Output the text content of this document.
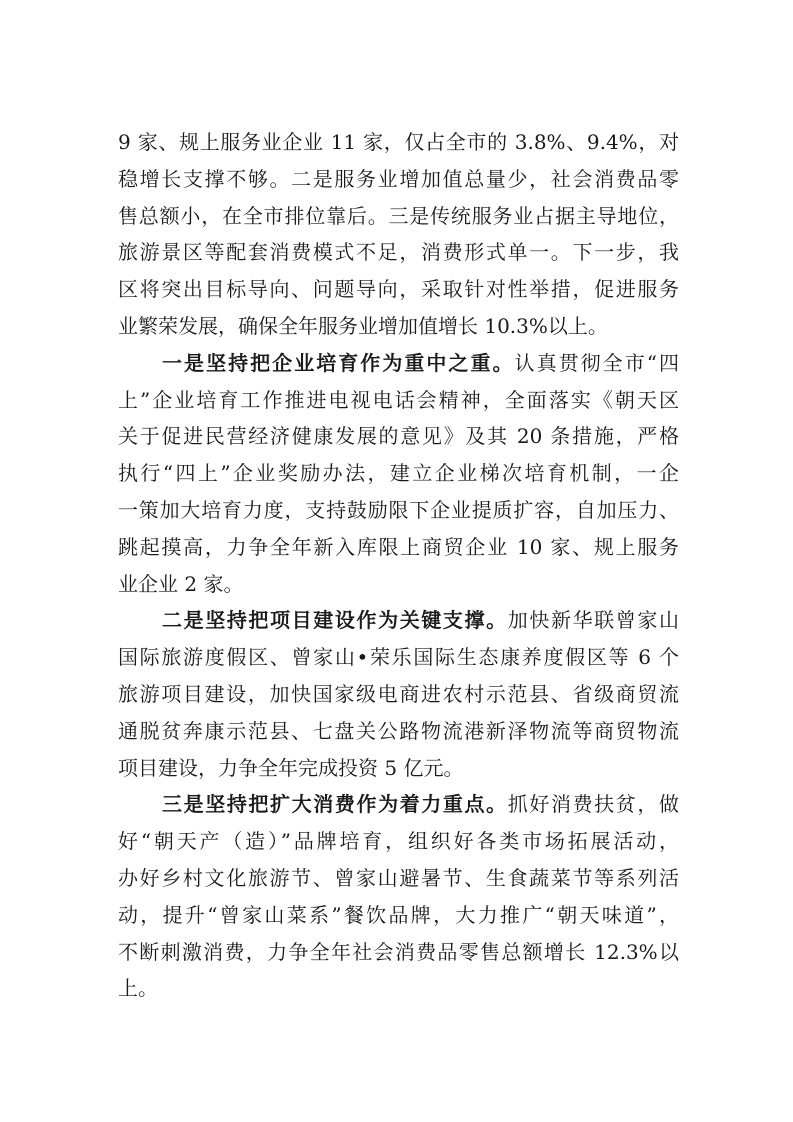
9 家、规上服务业企业 11 家，仅占全市的 3.8%、9.4%，对
稳增长支撑不够。二是服务业增加值总量少，社会消费品零
售总额小，在全市排位靠后。三是传统服务业占据主导地位，
旅游景区等配套消费模式不足，消费形式单一。下一步，我
区将突出目标导向、问题导向，采取针对性举措，促进服务
业繁荣发展，确保全年服务业增加值增长 10.3%以上。
一是坚持把企业培育作为重中之重。认真贯彻全市“四
上”企业培育工作推进电视电话会精神，全面落实《朝天区
关于促进民营经济健康发展的意见》及其 20 条措施，严格
执行“四上”企业奖励办法，建立企业梯次培育机制，一企
一策加大培育力度，支持鼓励限下企业提质扩容，自加压力、
跳起摸高，力争全年新入库限上商贸企业 10 家、规上服务
业企业 2 家。
二是坚持把项目建设作为关键支撑。加快新华联曾家山
国际旅游度假区、曾家山•荣乐国际生态康养度假区等 6 个
旅游项目建设，加快国家级电商进农村示范县、省级商贸流
通脱贫奔康示范县、七盘关公路物流港新泽物流等商贸物流
项目建设，力争全年完成投资 5 亿元。
三是坚持把扩大消费作为着力重点。抓好消费扶贫，做
好“朝天产（造）”品牌培育，组织好各类市场拓展活动，
办好乡村文化旅游节、曾家山避暑节、生食蔬菜节等系列活
动，提升“曾家山菜系”餐饮品牌，大力推广“朝天味道”，
不断刺激消费，力争全年社会消费品零售总额增长 12.3%以
上。
